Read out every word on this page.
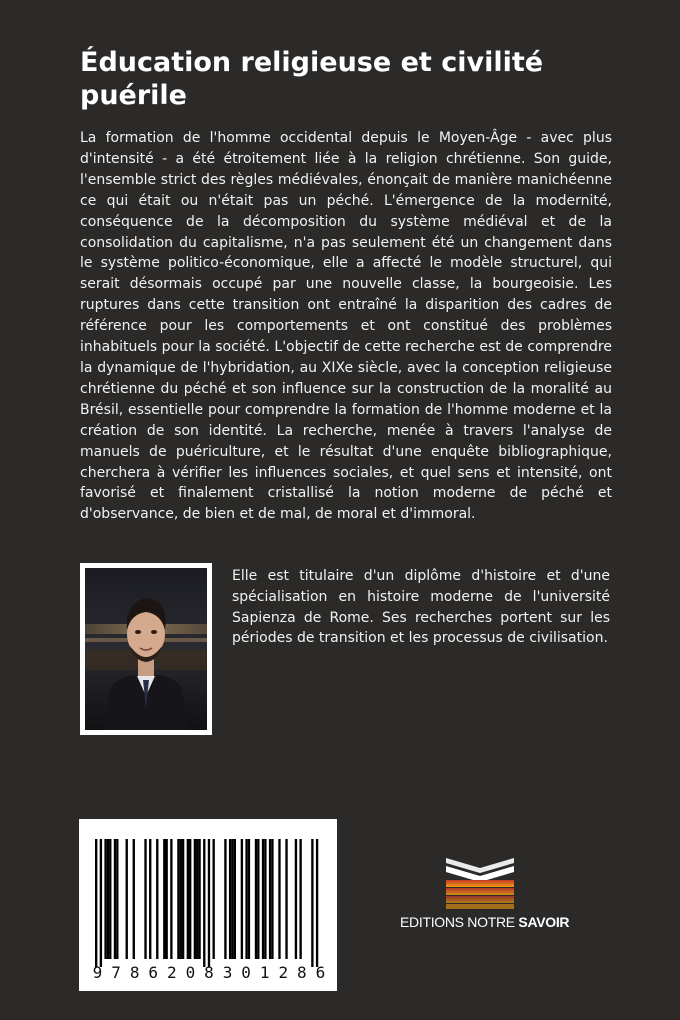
Éducation religieuse et civilité puérile

La formation de l'homme occidental depuis le Moyen-Âge - avec plus d'intensité - a été étroitement liée à la religion chrétienne. Son guide, l'ensemble strict des règles médiévales, énonçait de manière manichéenne ce qui était ou n'était pas un péché. L'émergence de la modernité, conséquence de la décomposition du système médiéval et de la consolidation du capitalisme, n'a pas seulement été un changement dans le système politico-économique, elle a affecté le modèle structurel, qui serait désormais occupé par une nouvelle classe, la bourgeoisie. Les ruptures dans cette transition ont entraîné la disparition des cadres de référence pour les comportements et ont constitué des problèmes inhabituels pour la société. L'objectif de cette recherche est de comprendre la dynamique de l'hybridation, au XIXe siècle, avec la conception religieuse chrétienne du péché et son influence sur la construction de la moralité au Brésil, essentielle pour comprendre la formation de l'homme moderne et la création de son identité. La recherche, menée à travers l'analyse de manuels de puériculture, et le résultat d'une enquête bibliographique, cherchera à vérifier les influences sociales, et quel sens et intensité, ont favorisé et finalement cristallisé la notion moderne de péché et d'observance, de bien et de mal, de moral et d'immoral.

Elle est titulaire d'un diplôme d'histoire et d'une spécialisation en histoire moderne de l'université Sapienza de Rome. Ses recherches portent sur les périodes de transition et les processus de civilisation.

9 7 8 6 2 0 8 3 0 1 2 8 6
EDITIONS NOTRE SAVOIR
